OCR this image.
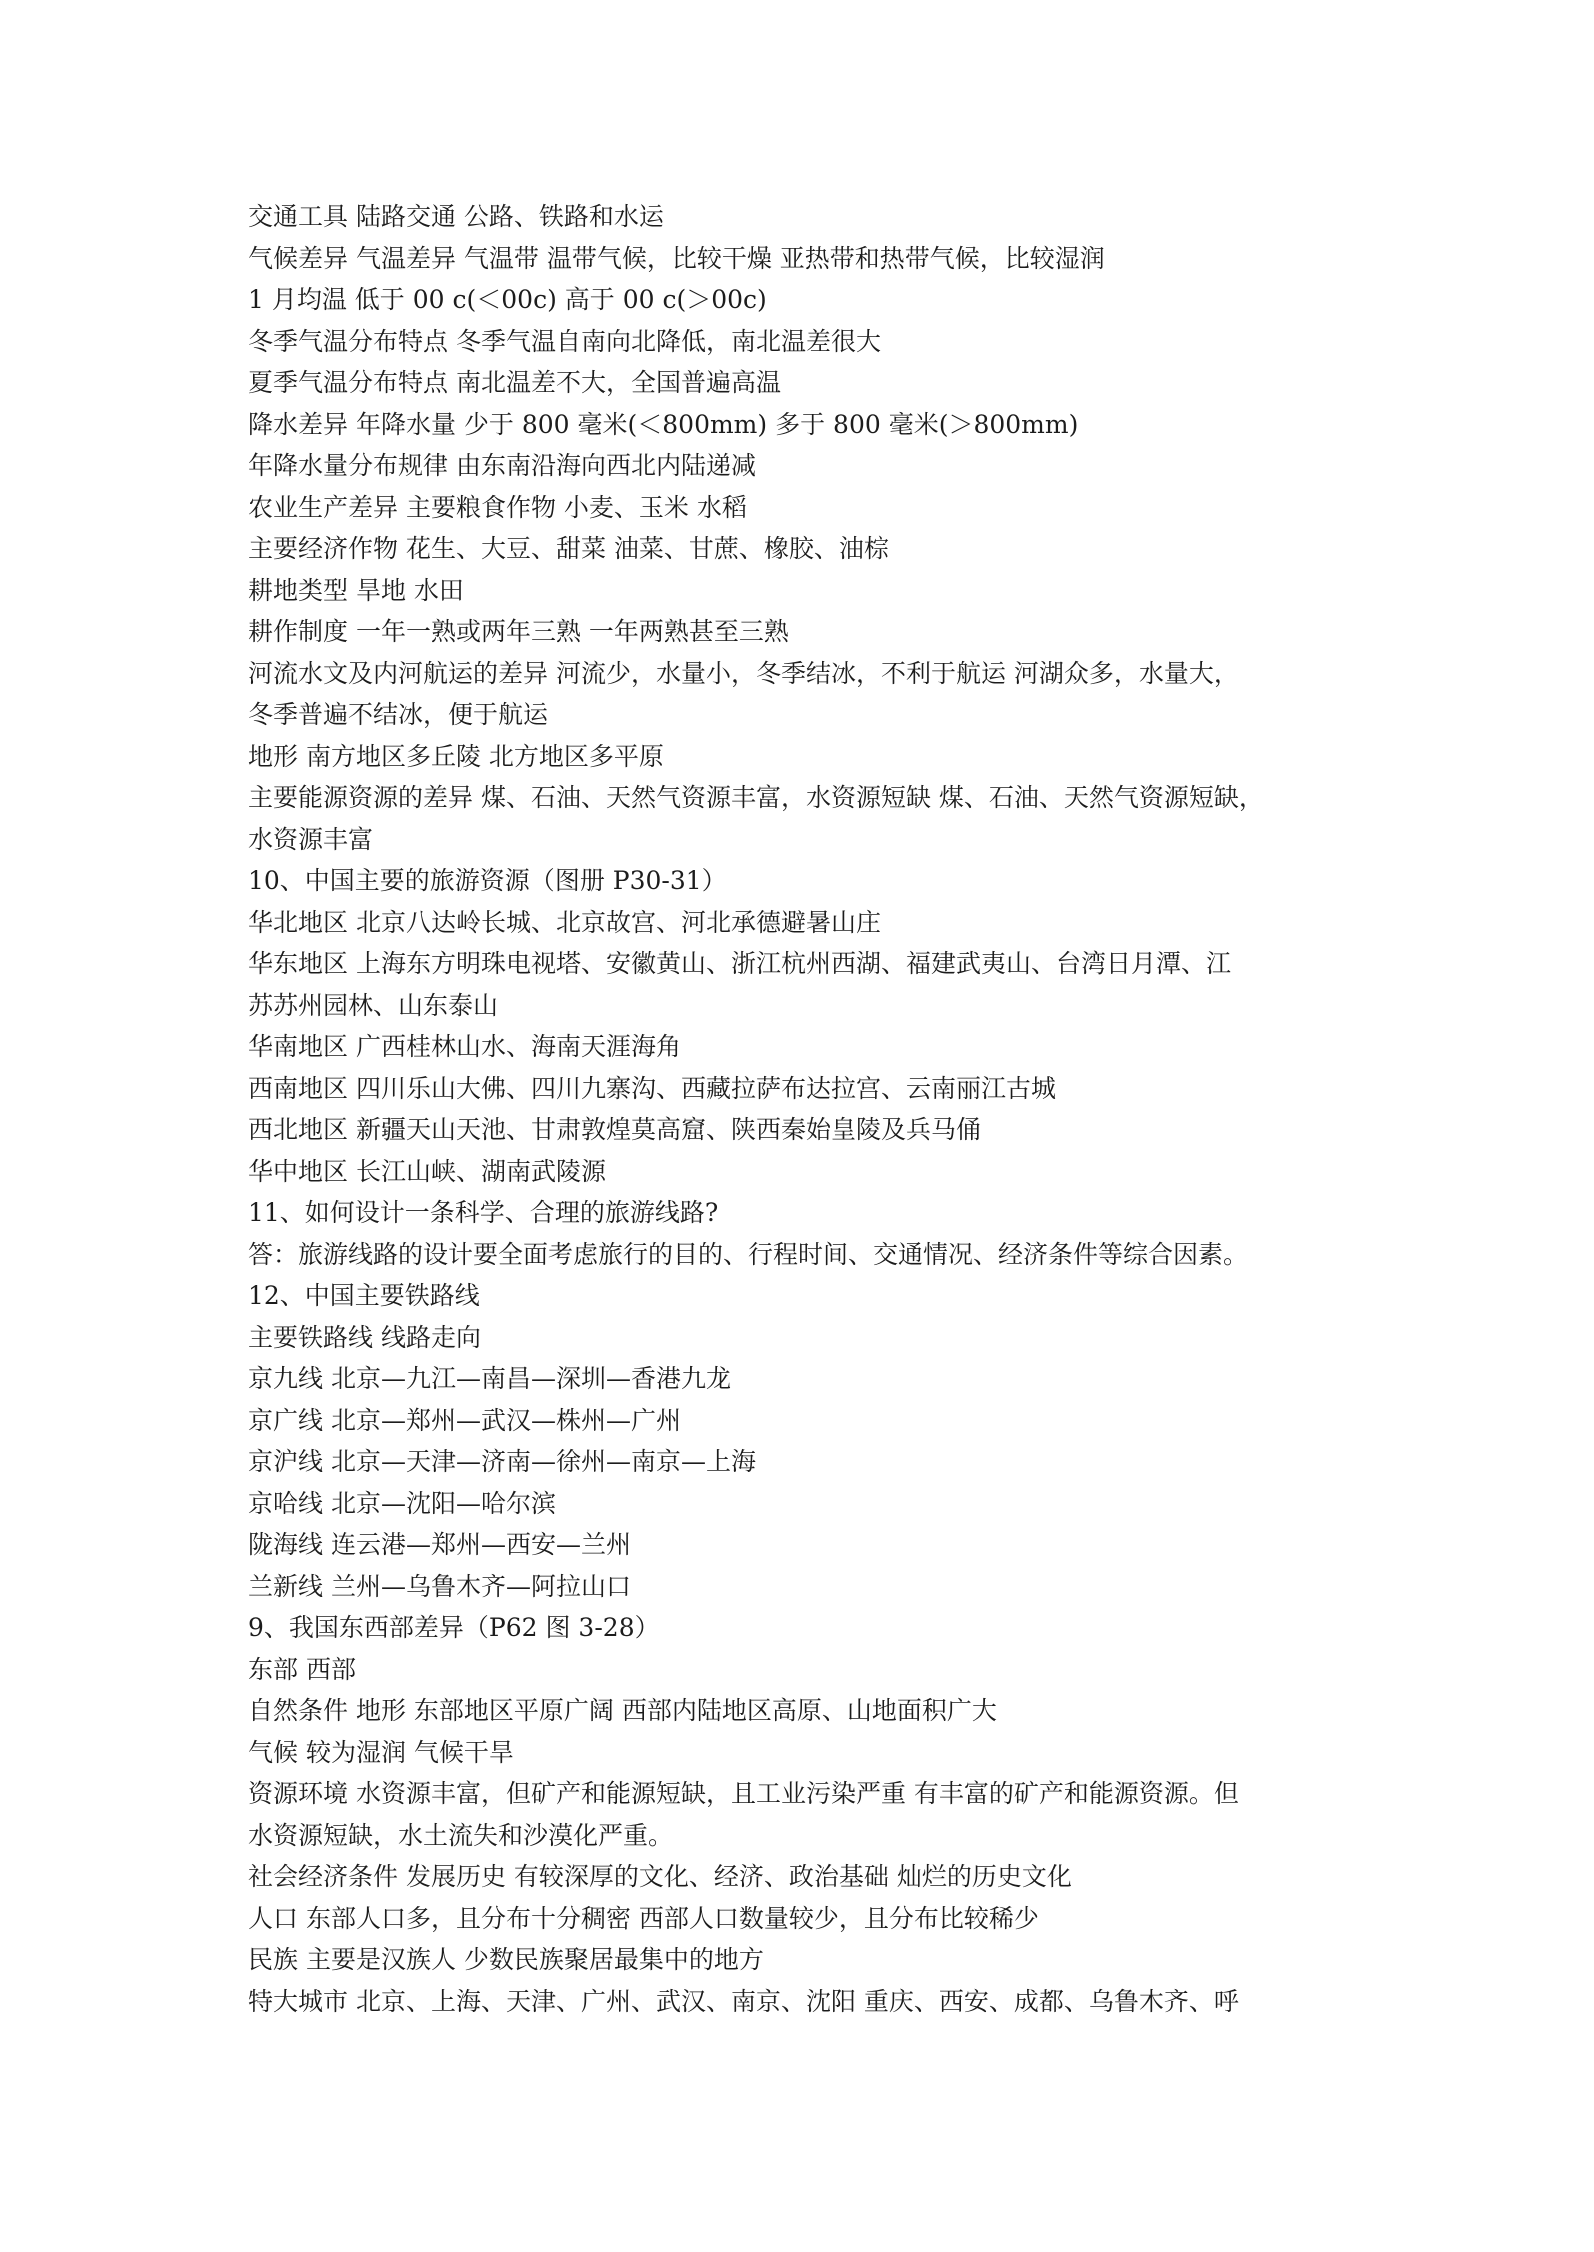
交通工具 陆路交通 公路、铁路和水运
气候差异 气温差异 气温带 温带气候，比较干燥 亚热带和热带气候，比较湿润
1 月均温 低于 00 c(＜00c) 高于 00 c(＞00c)
冬季气温分布特点 冬季气温自南向北降低，南北温差很大
夏季气温分布特点 南北温差不大，全国普遍高温
降水差异 年降水量 少于 800 毫米(＜800mm) 多于 800 毫米(＞800mm)
年降水量分布规律 由东南沿海向西北内陆递减
农业生产差异 主要粮食作物 小麦、玉米 水稻
主要经济作物 花生、大豆、甜菜 油菜、甘蔗、橡胶、油棕
耕地类型 旱地 水田
耕作制度 一年一熟或两年三熟 一年两熟甚至三熟
河流水文及内河航运的差异 河流少，水量小，冬季结冰，不利于航运 河湖众多，水量大，
冬季普遍不结冰，便于航运
地形 南方地区多丘陵 北方地区多平原
主要能源资源的差异 煤、石油、天然气资源丰富，水资源短缺 煤、石油、天然气资源短缺，
水资源丰富
10、中国主要的旅游资源（图册 P30-31）
华北地区 北京八达岭长城、北京故宫、河北承德避暑山庄
华东地区 上海东方明珠电视塔、安徽黄山、浙江杭州西湖、福建武夷山、台湾日月潭、江
苏苏州园林、山东泰山
华南地区 广西桂林山水、海南天涯海角
西南地区 四川乐山大佛、四川九寨沟、西藏拉萨布达拉宫、云南丽江古城
西北地区 新疆天山天池、甘肃敦煌莫高窟、陕西秦始皇陵及兵马俑
华中地区 长江山峡、湖南武陵源
11、如何设计一条科学、合理的旅游线路?
答：旅游线路的设计要全面考虑旅行的目的、行程时间、交通情况、经济条件等综合因素。
12、中国主要铁路线
主要铁路线 线路走向
京九线 北京—九江—南昌—深圳—香港九龙
京广线 北京—郑州—武汉—株州—广州
京沪线 北京—天津—济南—徐州—南京—上海
京哈线 北京—沈阳—哈尔滨
陇海线 连云港—郑州—西安—兰州
兰新线 兰州—乌鲁木齐—阿拉山口
9、我国东西部差异（P62 图 3-28）
东部 西部
自然条件 地形 东部地区平原广阔 西部内陆地区高原、山地面积广大
气候 较为湿润 气候干旱
资源环境 水资源丰富，但矿产和能源短缺，且工业污染严重 有丰富的矿产和能源资源。但
水资源短缺，水土流失和沙漠化严重。
社会经济条件 发展历史 有较深厚的文化、经济、政治基础 灿烂的历史文化
人口 东部人口多，且分布十分稠密 西部人口数量较少，且分布比较稀少
民族 主要是汉族人 少数民族聚居最集中的地方
特大城市 北京、上海、天津、广州、武汉、南京、沈阳 重庆、西安、成都、乌鲁木齐、呼
